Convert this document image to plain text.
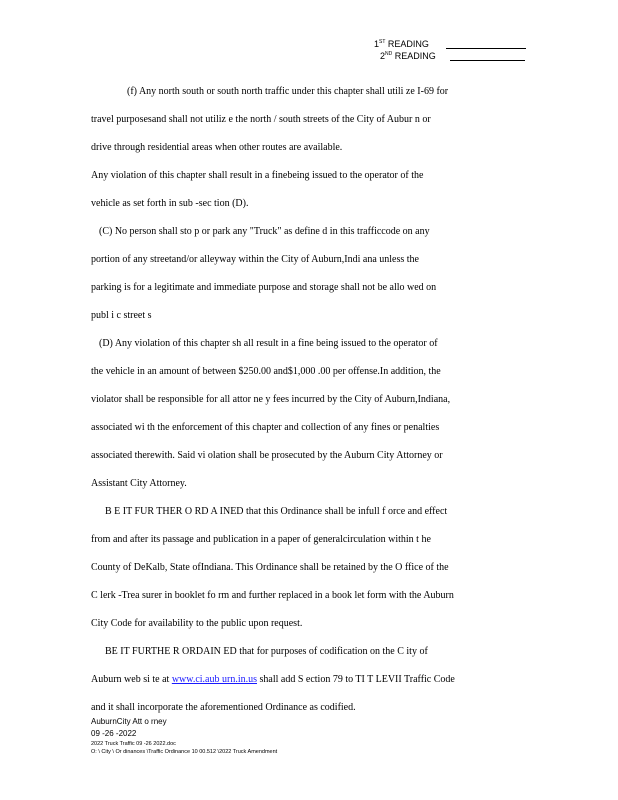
1ST READING
2ND READING
(f) Any north south or south north traffic under this chapter shall utili ze I-69 for
travel purposesand shall not utiliz e the north / south streets of the City of Aubur n or
drive through residential areas when other routes are available.
Any violation of this chapter shall result in a finebeing issued to the operator of the
vehicle as set forth in sub -sec tion (D).
(C) No person shall sto p or park any "Truck" as define d in this trafficcode on any
portion of any streetand/or alleyway within the City of Auburn,Indi ana unless the
parking is for a legitimate and immediate purpose and storage shall not be allo wed on
publ i c street s
(D) Any violation of this chapter sh all result in a fine being issued to the operator of
the vehicle in an amount of between $250.00 and$1,000 .00 per offense.In addition, the
violator shall be responsible for all attor ne y fees incurred by the City of Auburn,Indiana,
associated wi th the enforcement of this chapter and collection of any fines or penalties
associated therewith. Said vi olation shall be prosecuted by the Auburn City Attorney or
Assistant City Attorney.
B E IT FUR THER O RD A INED that this Ordinance shall be infull f orce and effect
from and after its passage and publication in a paper of generalcirculation within t he
County of DeKalb, State ofIndiana. This Ordinance shall be retained by the O ffice of the
C lerk -Trea surer in booklet fo rm and further replaced in a book let form with the Auburn
City Code for availability to the public upon request.
BE IT FURTHE R ORDAIN ED that for purposes of codification on the C ity of
Auburn web si te at www.ci.aub urn.in.us shall add S ection 79 to TI T LEVII Traffic Code
and it shall incorporate the aforementioned Ordinance as codified.
AuburnCity Att o rney
09 -26 -2022
2022 Truck Traffic 09 -26 2022.doc
O: \ City \ Or dinances \Traffic Ordinance 10 00.512 \2022 Truck Amendment
